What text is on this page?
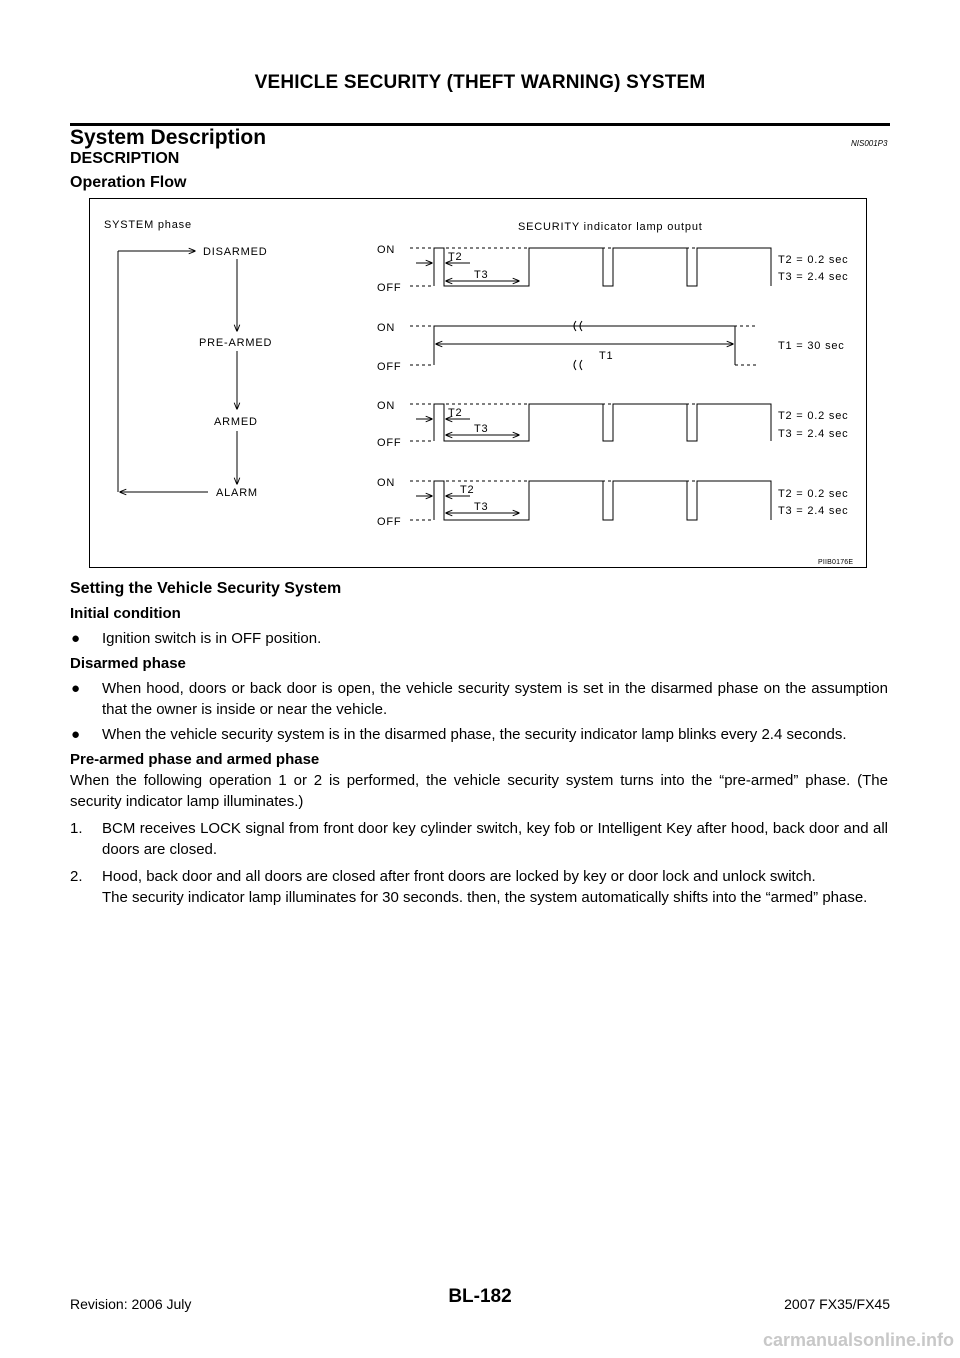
VEHICLE SECURITY (THEFT WARNING) SYSTEM
System Description	NIS001P3
DESCRIPTION
Operation Flow
SYSTEM phase	SECURITY indicator lamp output
DISARMED
PRE-ARMED
ARMED
ALARM
ON
OFF
ON
OFF
ON
OFF
ON
OFF
T2
T3
T2 = 0.2 sec
T3 = 2.4 sec
T1
T1 = 30 sec
T2
T3
T2 = 0.2 sec
T3 = 2.4 sec
T2
T3
T2 = 0.2 sec
T3 = 2.4 sec
PIIB0176E
Setting the Vehicle Security System
Initial condition
● Ignition switch is in OFF position.
Disarmed phase
● When hood, doors or back door is open, the vehicle security system is set in the disarmed phase on the assumption that the owner is inside or near the vehicle.
● When the vehicle security system is in the disarmed phase, the security indicator lamp blinks every 2.4 seconds.
Pre-armed phase and armed phase

When the following operation 1 or 2 is performed, the vehicle security system turns into the “pre-armed” phase. (The security indicator lamp illuminates.)

1. BCM receives LOCK signal from front door key cylinder switch, key fob or Intelligent Key after hood, back door and all doors are closed.
2. Hood, back door and all doors are closed after front doors are locked by key or door lock and unlock switch.
The security indicator lamp illuminates for 30 seconds. then, the system automatically shifts into the “armed” phase.
Revision: 2006 July	BL-182	2007 FX35/FX45
carmanualsonline.info
